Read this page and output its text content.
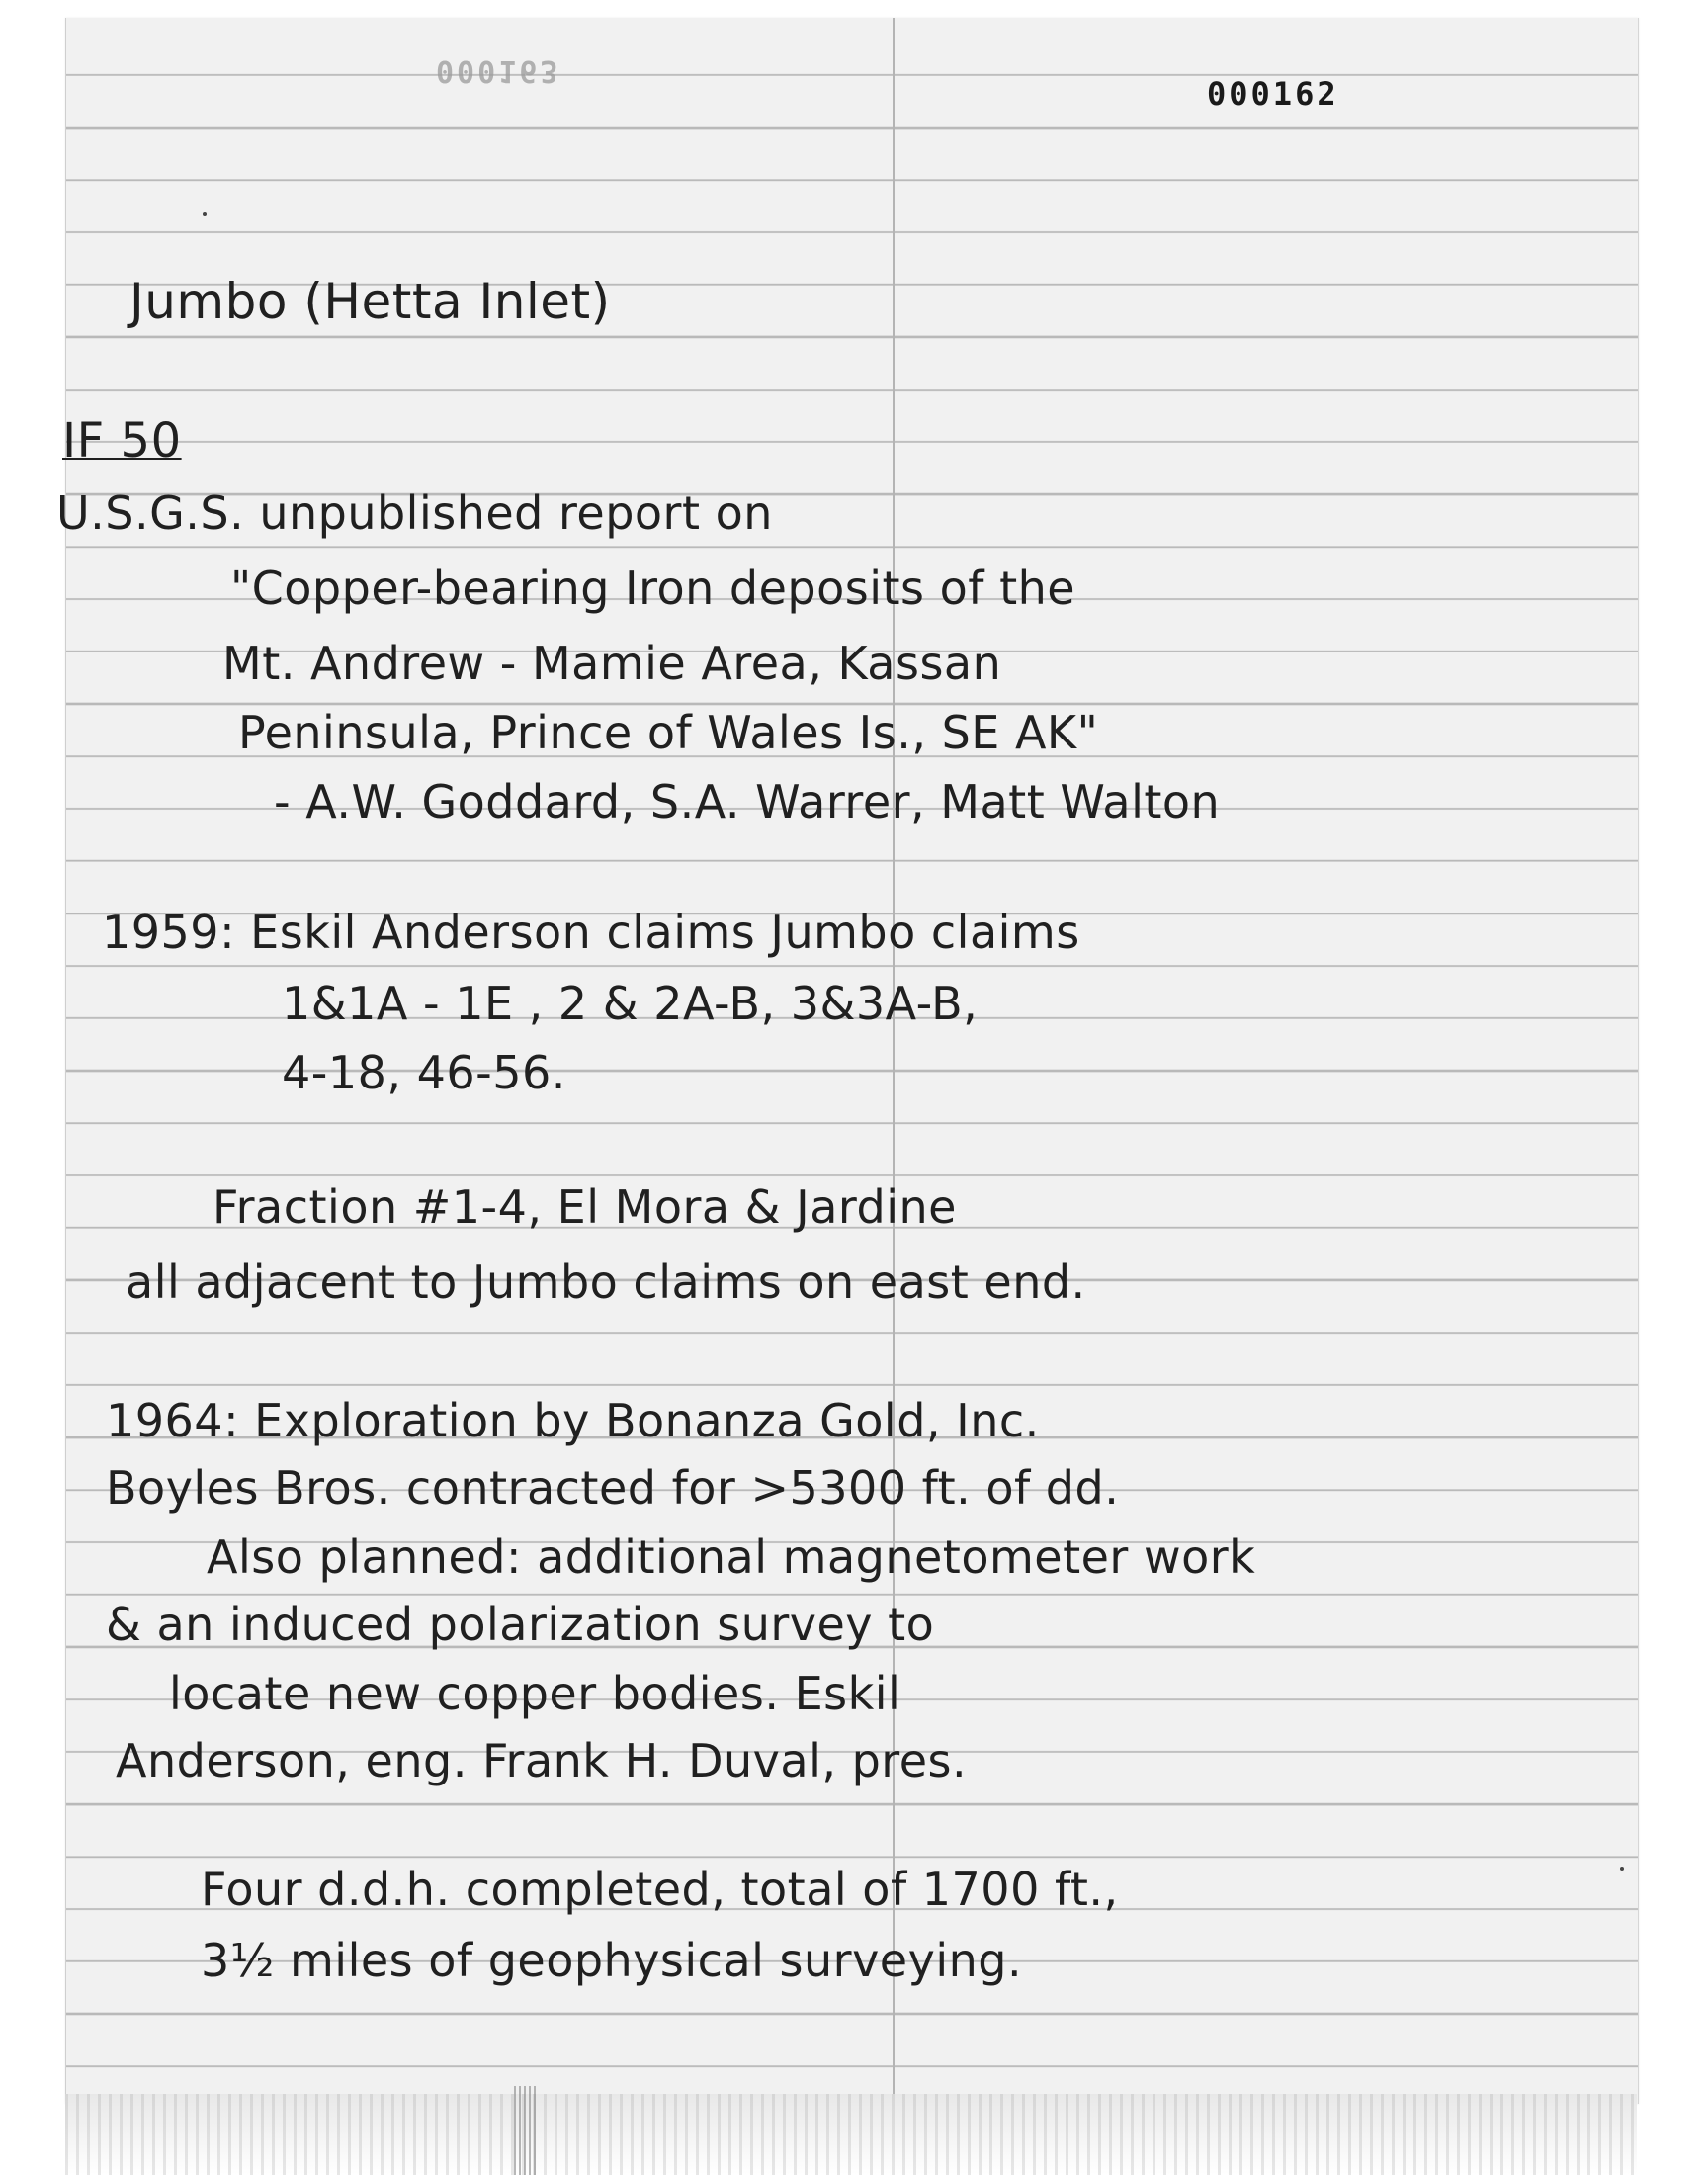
000163
000162
Jumbo (Hetta Inlet)
IF 50
U.S.G.S. unpublished report on
"Copper-bearing Iron deposits of the
Mt. Andrew - Mamie Area, Kassan
Peninsula, Prince of Wales Is., SE AK"
- A.W. Goddard, S.A. Warrer, Matt Walton
1959: Eskil Anderson claims Jumbo claims
1&1A - 1E , 2 & 2A-B, 3&3A-B,
4-18, 46-56.
Fraction #1-4, El Mora & Jardine
all adjacent to Jumbo claims on east end.
1964: Exploration by Bonanza Gold, Inc.
Boyles Bros. contracted for >5300 ft. of dd.
Also planned: additional magnetometer work
& an induced polarization survey to
locate new copper bodies. Eskil
Anderson, eng. Frank H. Duval, pres.
Four d.d.h. completed, total of 1700 ft.,
3½ miles of geophysical surveying.
